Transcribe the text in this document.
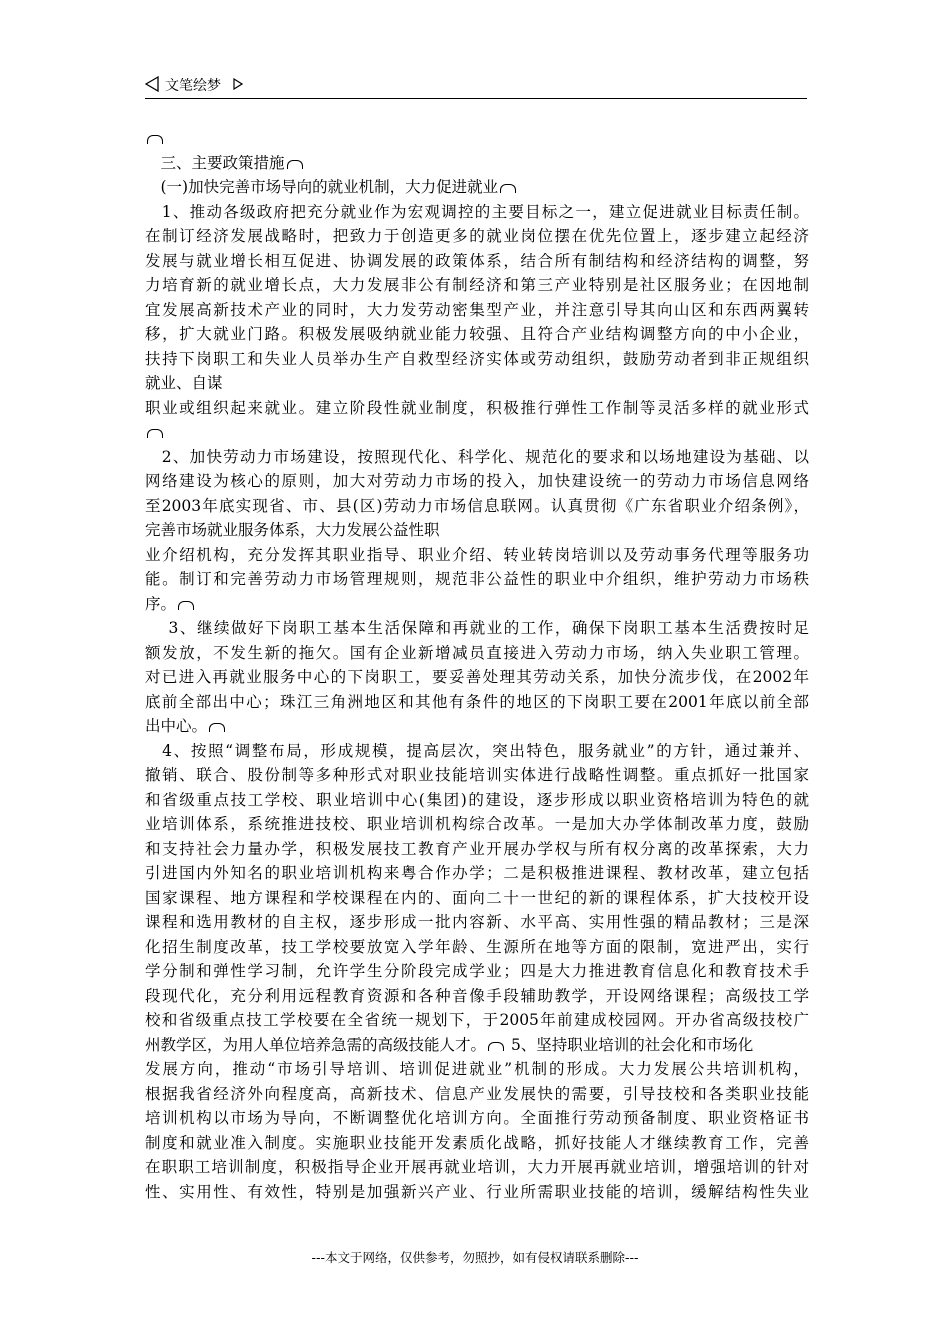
文笔绘梦
　三、主要政策措施
　(一)加快完善市场导向的就业机制，大力促进就业
　1、推动各级政府把充分就业作为宏观调控的主要目标之一，建立促进就业目标责任制。
在制订经济发展战略时，把致力于创造更多的就业岗位摆在优先位置上，逐步建立起经济
发展与就业增长相互促进、协调发展的政策体系，结合所有制结构和经济结构的调整，努
力培育新的就业增长点，大力发展非公有制经济和第三产业特别是社区服务业；在因地制
宜发展高新技术产业的同时，大力发劳动密集型产业，并注意引导其向山区和东西两翼转
移，扩大就业门路。积极发展吸纳就业能力较强、且符合产业结构调整方向的中小企业，
扶持下岗职工和失业人员举办生产自救型经济实体或劳动组织，鼓励劳动者到非正规组织
就业、自谋
职业或组织起来就业。建立阶段性就业制度，积极推行弹性工作制等灵活多样的就业形式
　2、加快劳动力市场建设，按照现代化、科学化、规范化的要求和以场地建设为基础、以
网络建设为核心的原则，加大对劳动力市场的投入，加快建设统一的劳动力市场信息网络
至2003年底实现省、市、县(区)劳动力市场信息联网。认真贯彻《广东省职业介绍条例》，
完善市场就业服务体系，大力发展公益性职
业介绍机构，充分发挥其职业指导、职业介绍、转业转岗培训以及劳动事务代理等服务功
能。制订和完善劳动力市场管理规则，规范非公益性的职业中介组织，维护劳动力市场秩
序。
　 3、继续做好下岗职工基本生活保障和再就业的工作，确保下岗职工基本生活费按时足
额发放，不发生新的拖欠。国有企业新增减员直接进入劳动力市场，纳入失业职工管理。
对已进入再就业服务中心的下岗职工，要妥善处理其劳动关系，加快分流步伐，在2002年
底前全部出中心；珠江三角洲地区和其他有条件的地区的下岗职工要在2001年底以前全部
出中心。
　4、按照“调整布局，形成规模，提高层次，突出特色，服务就业”的方针，通过兼并、
撤销、联合、股份制等多种形式对职业技能培训实体进行战略性调整。重点抓好一批国家
和省级重点技工学校、职业培训中心(集团)的建设，逐步形成以职业资格培训为特色的就
业培训体系，系统推进技校、职业培训机构综合改革。一是加大办学体制改革力度，鼓励
和支持社会力量办学，积极发展技工教育产业开展办学权与所有权分离的改革探索，大力
引进国内外知名的职业培训机构来粤合作办学；二是积极推进课程、教材改革，建立包括
国家课程、地方课程和学校课程在内的、面向二十一世纪的新的课程体系，扩大技校开设
课程和选用教材的自主权，逐步形成一批内容新、水平高、实用性强的精品教材；三是深
化招生制度改革，技工学校要放宽入学年龄、生源所在地等方面的限制，宽进严出，实行
学分制和弹性学习制，允许学生分阶段完成学业；四是大力推进教育信息化和教育技术手
段现代化，充分利用远程教育资源和各种音像手段辅助教学，开设网络课程；高级技工学
校和省级重点技工学校要在全省统一规划下，于2005年前建成校园网。开办省高级技校广
州教学区，为用人单位培养急需的高级技能人才。 5、坚持职业培训的社会化和市场化
发展方向，推动“市场引导培训、培训促进就业”机制的形成。大力发展公共培训机构，
根据我省经济外向程度高，高新技术、信息产业发展快的需要，引导技校和各类职业技能
培训机构以市场为导向，不断调整优化培训方向。全面推行劳动预备制度、职业资格证书
制度和就业准入制度。实施职业技能开发素质化战略，抓好技能人才继续教育工作，完善
在职职工培训制度，积极指导企业开展再就业培训，大力开展再就业培训，增强培训的针对
性、实用性、有效性，特别是加强新兴产业、行业所需职业技能的培训，缓解结构性失业
---本文于网络，仅供参考，勿照抄，如有侵权请联系删除---
